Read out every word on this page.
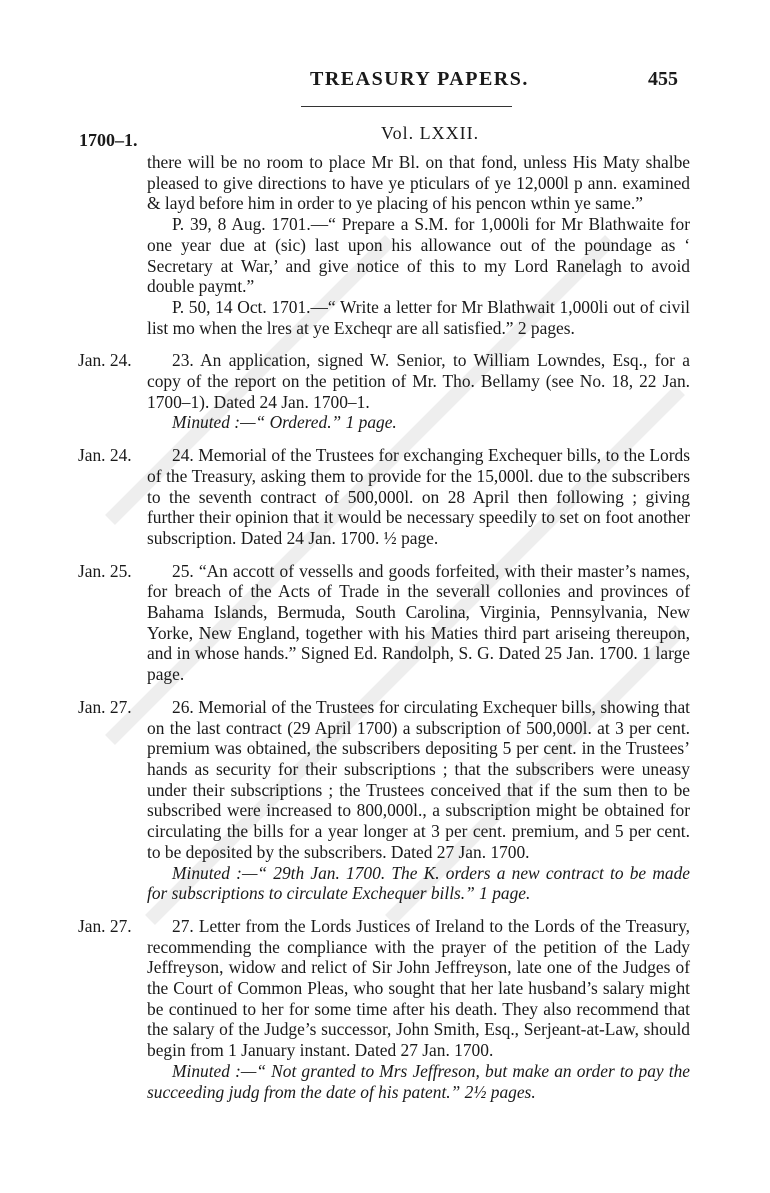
TREASURY PAPERS.	455
1700–1.	Vol. LXXII.

there will be no room to place Mr Bl. on that fond, unless His Maty shalbe pleased to give directions to have ye pticulars of ye 12,000l p ann. examined & layd before him in order to ye placing of his pencon wthin ye same.”

P. 39, 8 Aug. 1701.—“ Prepare a S.M. for 1,000li for Mr Blathwaite for one year due at (sic) last upon his allowance out of the poundage as ‘ Secretary at War,’ and give notice of this to my Lord Ranelagh to avoid double paymt.”

P. 50, 14 Oct. 1701.—“ Write a letter for Mr Blathwait 1,000li out of civil list mo when the lres at ye Excheqr are all satisfied.” 2 pages.

Jan. 24.	23. An application, signed W. Senior, to William Lowndes, Esq., for a copy of the report on the petition of Mr. Tho. Bellamy (see No. 18, 22 Jan. 1700–1). Dated 24 Jan. 1700–1.

Minuted :—“ Ordered.” 1 page.

Jan. 24.	24. Memorial of the Trustees for exchanging Exchequer bills, to the Lords of the Treasury, asking them to provide for the 15,000l. due to the subscribers to the seventh contract of 500,000l. on 28 April then following ; giving further their opinion that it would be necessary speedily to set on foot another subscription. Dated 24 Jan. 1700. ½ page.

Jan. 25.	25. “An accott of vessells and goods forfeited, with their master’s names, for breach of the Acts of Trade in the severall collonies and provinces of Bahama Islands, Bermuda, South Carolina, Virginia, Pennsylvania, New Yorke, New England, together with his Maties third part ariseing thereupon, and in whose hands.” Signed Ed. Randolph, S. G. Dated 25 Jan. 1700. 1 large page.

Jan. 27.	26. Memorial of the Trustees for circulating Exchequer bills, showing that on the last contract (29 April 1700) a subscription of 500,000l. at 3 per cent. premium was obtained, the subscribers depositing 5 per cent. in the Trustees’ hands as security for their subscriptions ; that the subscribers were uneasy under their subscriptions ; the Trustees conceived that if the sum then to be subscribed were increased to 800,000l., a subscription might be obtained for circulating the bills for a year longer at 3 per cent. premium, and 5 per cent. to be deposited by the subscribers. Dated 27 Jan. 1700.

Minuted :—“ 29th Jan. 1700. The K. orders a new contract to be made for subscriptions to circulate Exchequer bills.” 1 page.

Jan. 27.	27. Letter from the Lords Justices of Ireland to the Lords of the Treasury, recommending the compliance with the prayer of the petition of the Lady Jeffreyson, widow and relict of Sir John Jeffreyson, late one of the Judges of the Court of Common Pleas, who sought that her late husband’s salary might be continued to her for some time after his death. They also recommend that the salary of the Judge’s successor, John Smith, Esq., Serjeant-at-Law, should begin from 1 January instant. Dated 27 Jan. 1700.

Minuted :—“ Not granted to Mrs Jeffreson, but make an order to pay the succeeding judg from the date of his patent.” 2½ pages.
